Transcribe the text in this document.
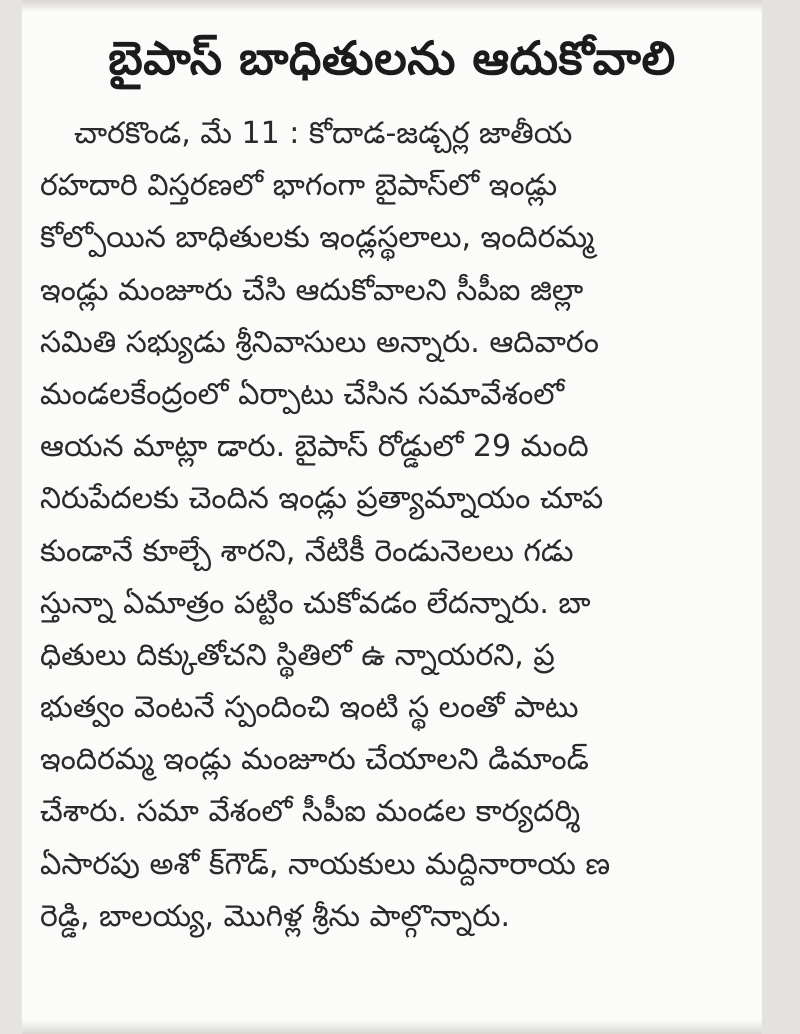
బైపాస్ బాధితులను ఆదుకోవాలి
చారకొండ, మే 11 : కోదాడ-జడ్చర్ల జాతీయ
రహదారి విస్తరణలో భాగంగా బైపాస్‌లో ఇండ్లు
కోల్పోయిన బాధితులకు ఇండ్లస్థలాలు, ఇందిరమ్మ
ఇండ్లు మంజూరు చేసి ఆదుకోవాలని సీపీఐ జిల్లా
సమితి సభ్యుడు శ్రీనివాసులు అన్నారు. ఆదివారం
మండలకేంద్రంలో ఏర్పాటు చేసిన సమావేశంలో
ఆయన మాట్లా డారు. బైపాస్ రోడ్డులో 29 మంది
నిరుపేదలకు చెందిన ఇండ్లు ప్రత్యామ్నాయం చూప
కుండానే కూల్చే శారని, నేటికీ రెండునెలలు గడు
స్తున్నా ఏమాత్రం పట్టిం చుకోవడం లేదన్నారు. బా
ధితులు దిక్కుతోచని స్థితిలో ఉ న్నాయరని, ప్ర
భుత్వం వెంటనే స్పందించి ఇంటి స్థ లంతో పాటు
ఇందిరమ్మ ఇండ్లు మంజూరు చేయాలని డిమాండ్
చేశారు. సమా వేశంలో సీపీఐ మండల కార్యదర్శి
ఏసారపు అశో క్‌గౌడ్, నాయకులు మద్దినారాయ ణ
రెడ్డి, బాలయ్య, మొగిళ్ల శ్రీను పాల్గొన్నారు.
